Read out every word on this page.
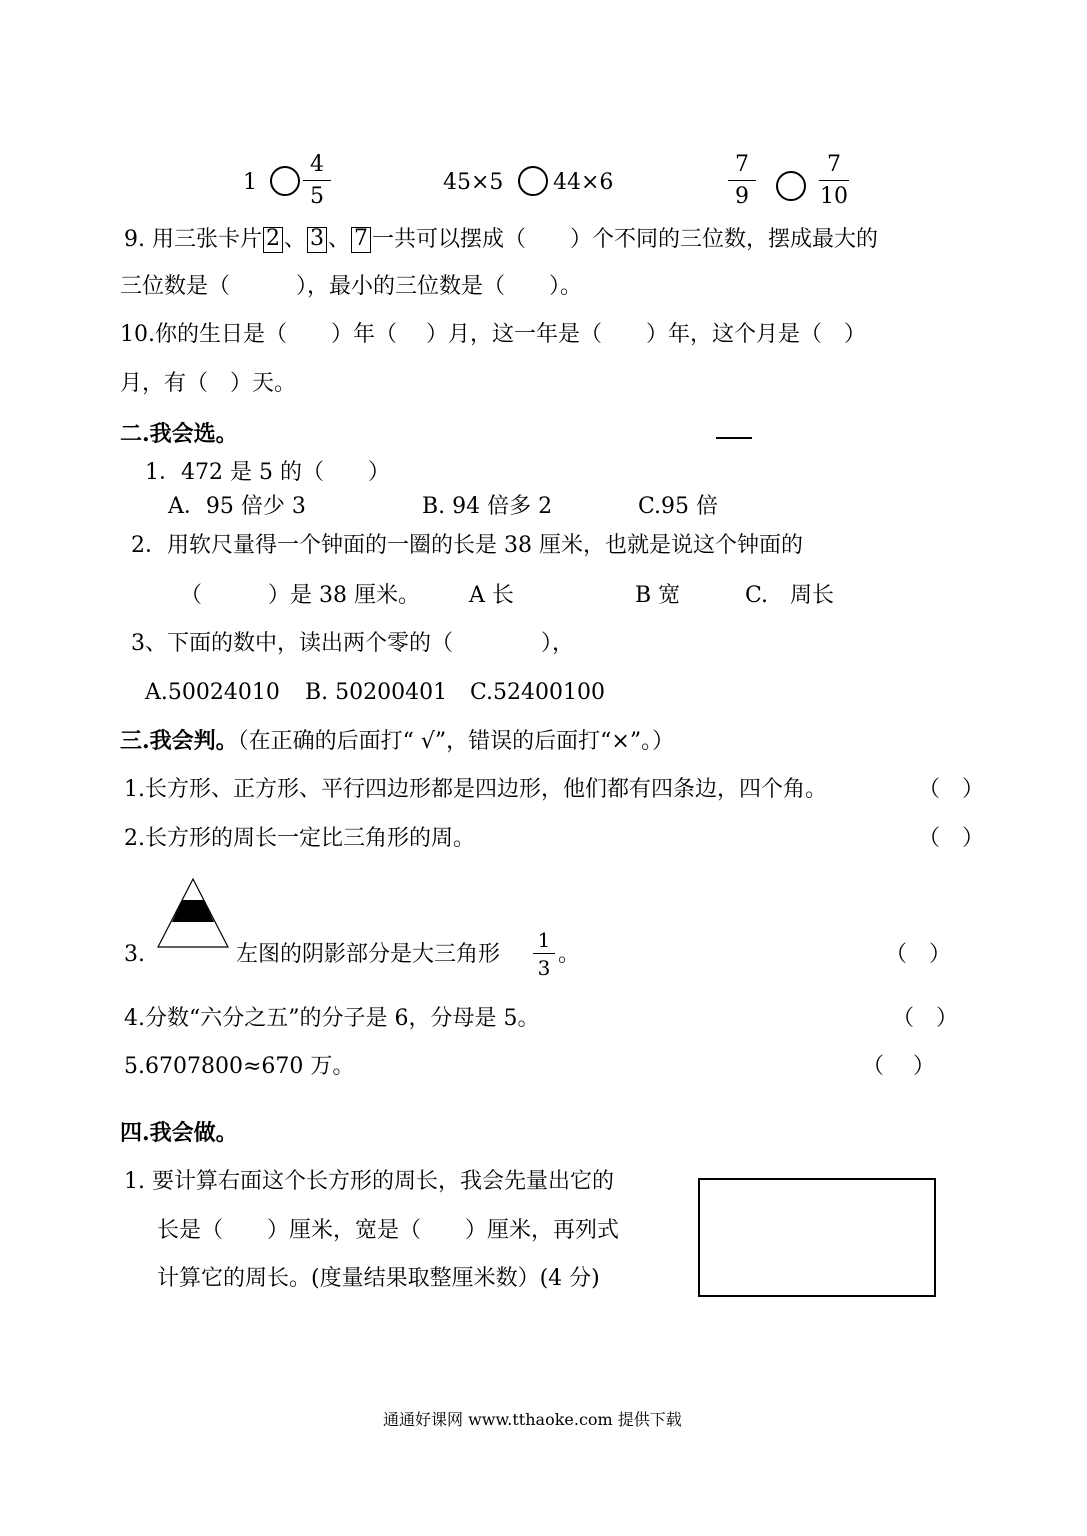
1
4
5
45×5 44×6
7
9
7
10
9. 用三张卡片 2 、 3 、 7 一共可以摆成（　　）个不同的三位数，摆成最大的
三位数是（　　　），最小的三位数是（　　）。
10.你的生日是（　　）年（　 ）月，这一年是（　　）年，这个月是（　）
月，有（　）天。
二.我会选。
1．472 是 5 的（　　）
A．95 倍少 3	B. 94 倍多 2	C.95 倍
2．用软尺量得一个钟面的一圈的长是 38 厘米，也就是说这个钟面的
（　　　）是 38 厘米。 A 长	B 宽	C.　周长
3、下面的数中，读出两个零的（　　　　），
A.50024010 B. 50200401 C.52400100
三.我会判。（在正确的后面打“ √”，错误的后面打“×”。）
1.长方形、正方形、平行四边形都是四边形，他们都有四条边，四个角。	（　）
2.长方形的周长一定比三角形的周。	（　）
3.	左图的阴影部分是大三角形
1
3
。	（　）
4.分数“六分之五”的分子是 6，分母是 5。	（　）
5.6707800≈670 万。	（　 ）
四.我会做。
1. 要计算右面这个长方形的周长，我会先量出它的
长是（　　）厘米，宽是（　　）厘米，再列式
计算它的周长。(度量结果取整厘米数）(4 分)
通通好课网 www.tthaoke.com 提供下载
